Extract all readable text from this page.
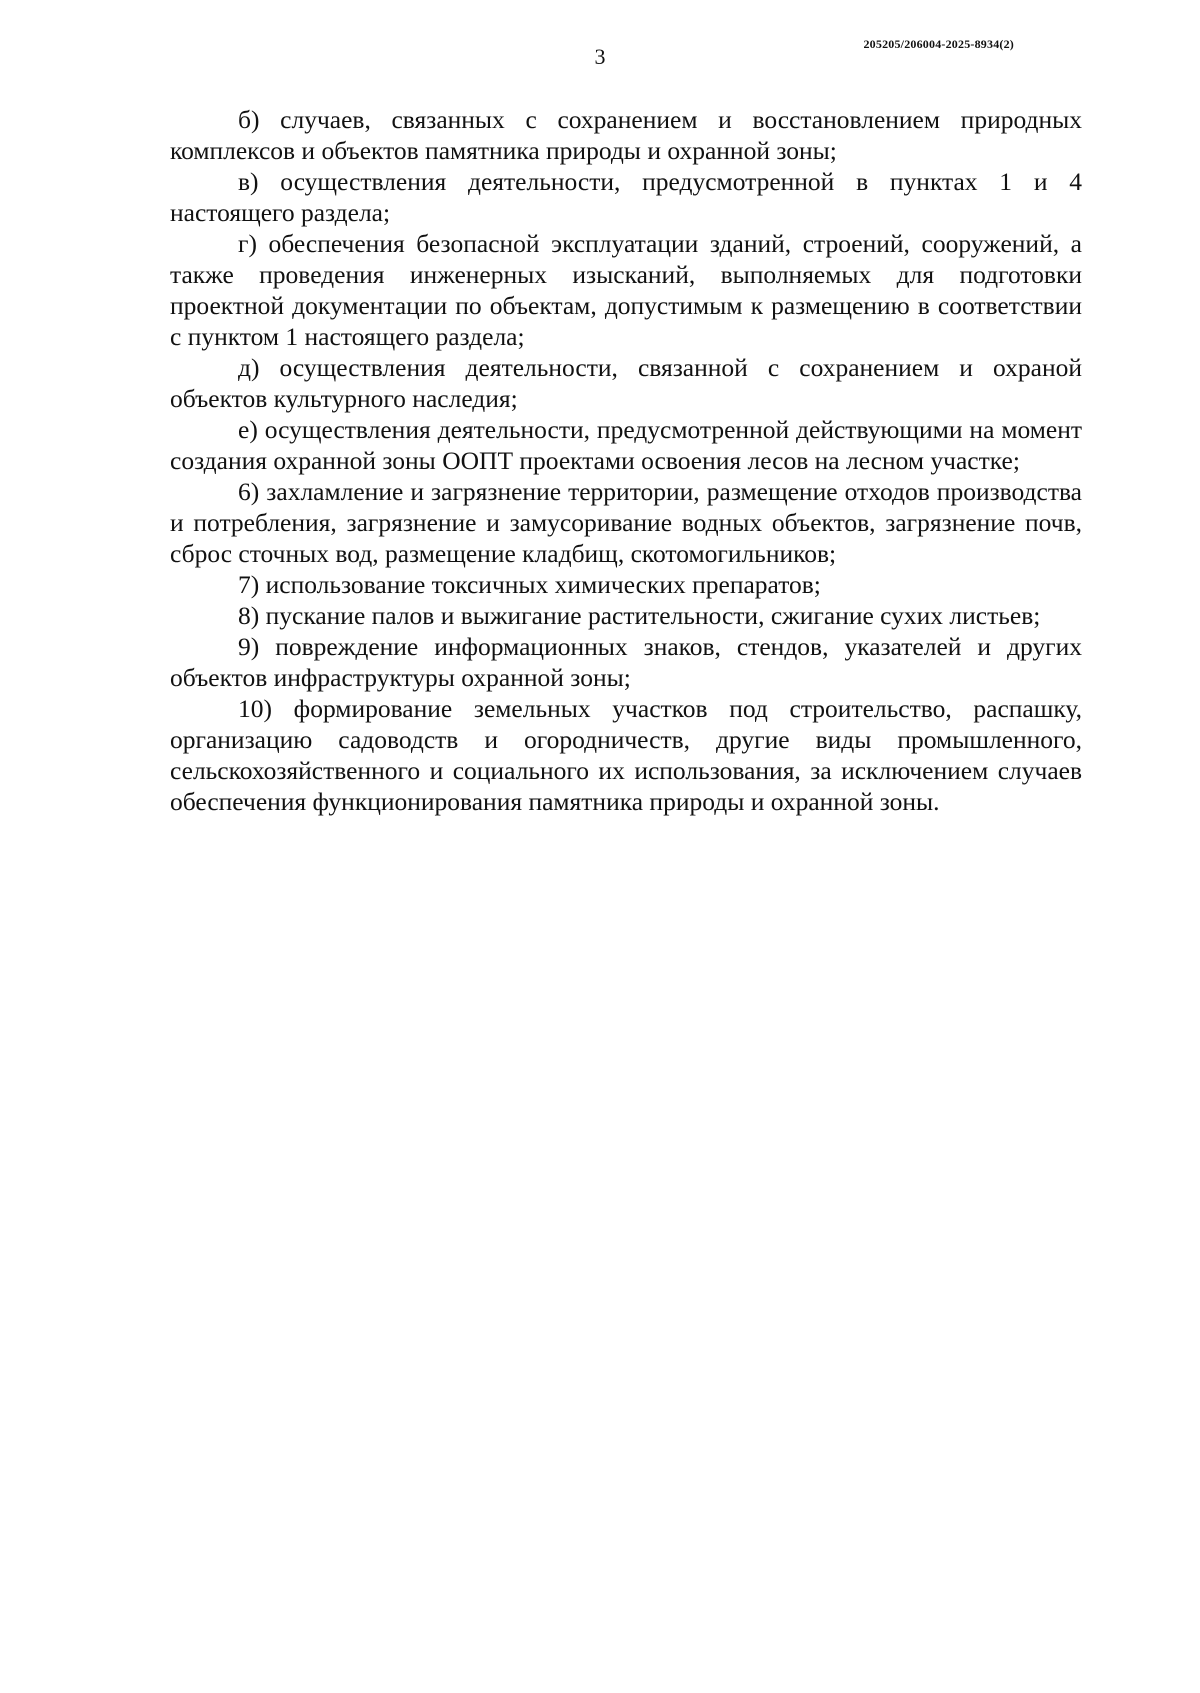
3	205205/206004-2025-8934(2)

б) случаев, связанных с сохранением и восстановлением природных комплексов и объектов памятника природы и охранной зоны;

в) осуществления деятельности, предусмотренной в пунктах 1 и 4 настоящего раздела;

г) обеспечения безопасной эксплуатации зданий, строений, сооружений, а также проведения инженерных изысканий, выполняемых для подготовки проектной документации по объектам, допустимым к размещению в соответствии с пунктом 1 настоящего раздела;

д) осуществления деятельности, связанной с сохранением и охраной объектов культурного наследия;

е) осуществления деятельности, предусмотренной действующими на момент создания охранной зоны ООПТ проектами освоения лесов на лесном участке;

6) захламление и загрязнение территории, размещение отходов производства и потребления, загрязнение и замусоривание водных объектов, загрязнение почв, сброс сточных вод, размещение кладбищ, скотомогильников;

7) использование токсичных химических препаратов;

8) пускание палов и выжигание растительности, сжигание сухих листьев;

9) повреждение информационных знаков, стендов, указателей и других объектов инфраструктуры охранной зоны;

10) формирование земельных участков под строительство, распашку, организацию садоводств и огородничеств, другие виды промышленного, сельскохозяйственного и социального их использования, за исключением случаев обеспечения функционирования памятника природы и охранной зоны.
